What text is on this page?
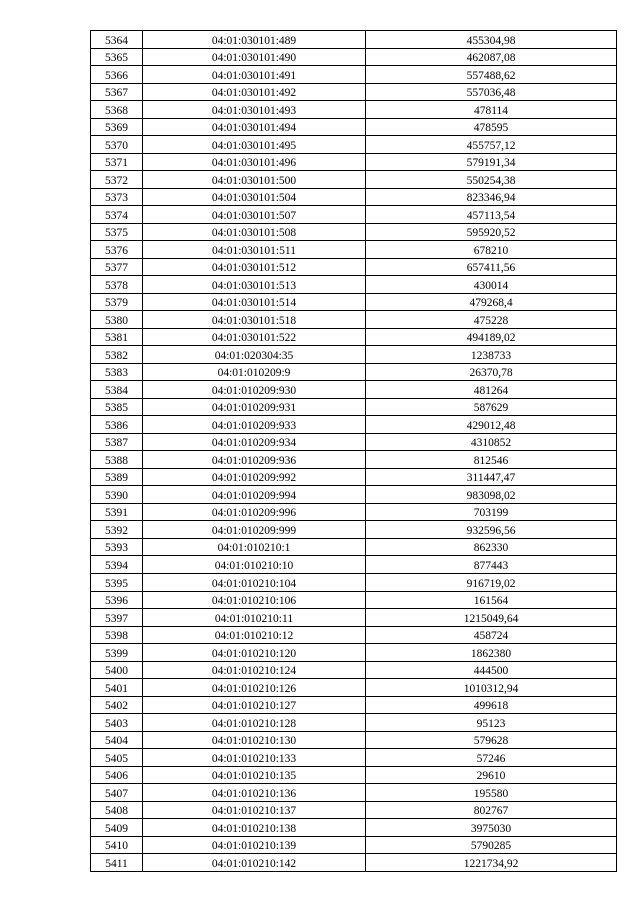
5364	04:01:030101:489	455304,98
5365	04:01:030101:490	462087,08
5366	04:01:030101:491	557488,62
5367	04:01:030101:492	557036,48
5368	04:01:030101:493	478114
5369	04:01:030101:494	478595
5370	04:01:030101:495	455757,12
5371	04:01:030101:496	579191,34
5372	04:01:030101:500	550254,38
5373	04:01:030101:504	823346,94
5374	04:01:030101:507	457113,54
5375	04:01:030101:508	595920,52
5376	04:01:030101:511	678210
5377	04:01:030101:512	657411,56
5378	04:01:030101:513	430014
5379	04:01:030101:514	479268,4
5380	04:01:030101:518	475228
5381	04:01:030101:522	494189,02
5382	04:01:020304:35	1238733
5383	04:01:010209:9	26370,78
5384	04:01:010209:930	481264
5385	04:01:010209:931	587629
5386	04:01:010209:933	429012,48
5387	04:01:010209:934	4310852
5388	04:01:010209:936	812546
5389	04:01:010209:992	311447,47
5390	04:01:010209:994	983098,02
5391	04:01:010209:996	703199
5392	04:01:010209:999	932596,56
5393	04:01:010210:1	862330
5394	04:01:010210:10	877443
5395	04:01:010210:104	916719,02
5396	04:01:010210:106	161564
5397	04:01:010210:11	1215049,64
5398	04:01:010210:12	458724
5399	04:01:010210:120	1862380
5400	04:01:010210:124	444500
5401	04:01:010210:126	1010312,94
5402	04:01:010210:127	499618
5403	04:01:010210:128	95123
5404	04:01:010210:130	579628
5405	04:01:010210:133	57246
5406	04:01:010210:135	29610
5407	04:01:010210:136	195580
5408	04:01:010210:137	802767
5409	04:01:010210:138	3975030
5410	04:01:010210:139	5790285
5411	04:01:010210:142	1221734,92
